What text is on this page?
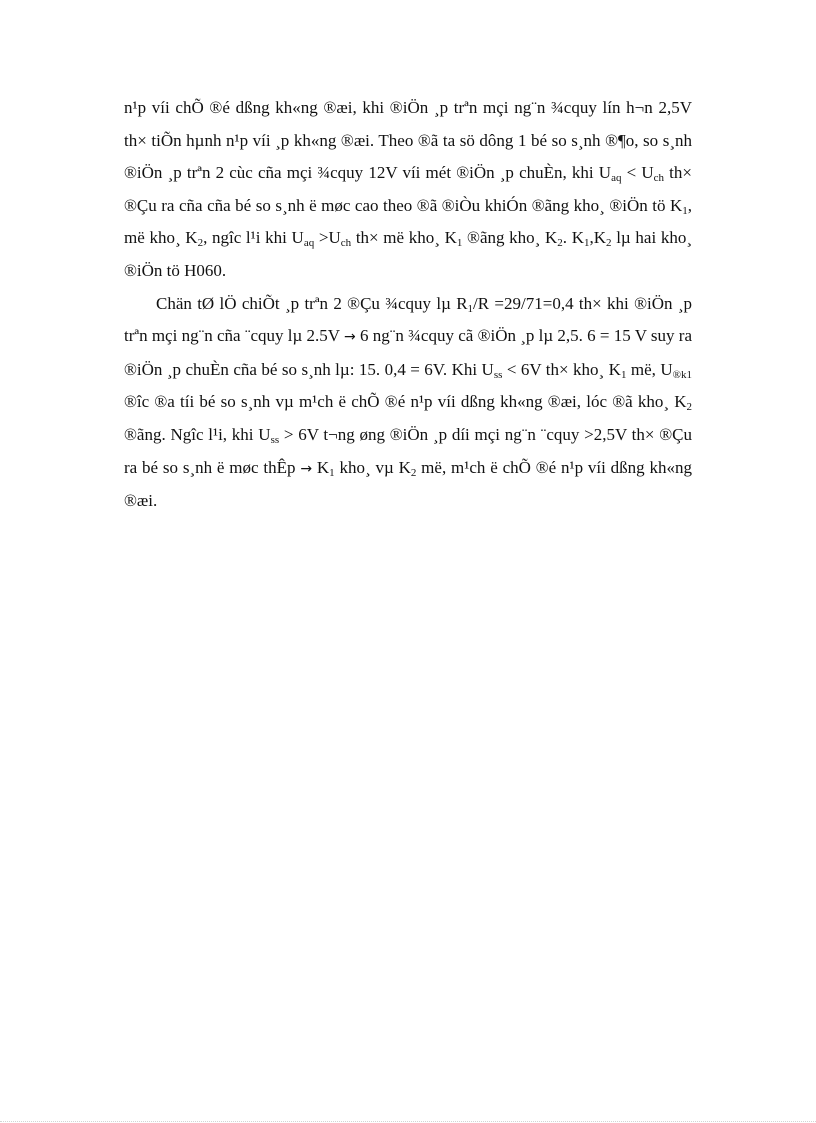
n¹p víi chÕ ®é dßng kh«ng ®æi, khi ®iÖn ¸p trªn mçi ng¨n ¾cquy lín h¬n 2,5V th× tiÕn hµnh n¹p víi ¸p kh«ng ®æi. Theo ®ã ta sö dông 1 bé so s¸nh ®¶o, so s¸nh ®iÖn ¸p trªn 2 cùc cña mçi ¾cquy 12V víi mét ®iÖn ¸p chuÈn, khi $U_{aq} < U_{ch}$ th× ®Çu ra cña cña bé so s¸nh ë møc cao theo ®ã ®iÒu khiÓn ®ãng kho¸ ®iÖn tö $K_1$, më kho¸ $K_2$, ngîc l¹i khi $U_{aq} >U_{ch}$ th× më kho¸ $K_1$ ®ãng kho¸ $K_2$. $K_1,K_2$ lµ hai kho¸ ®iÖn tö H060.

Chän tØ lÖ chiÕt ¸p trªn 2 ®Çu ¾cquy lµ $R_1/R =29/71=0,4$ th× khi ®iÖn ¸p trªn mçi ng¨n cña ¨cquy lµ 2.5V → 6 ng¨n ¾cquy cã ®iÖn ¸p lµ 2,5. 6 = 15 V suy ra ®iÖn ¸p chuÈn cña bé so s¸nh lµ: 15. 0,4 = 6V. Khi $U_{ss} < 6V$ th× kho¸ $K_1$ më, $U_{®k1}$ ®îc ®a tíi bé so s¸nh vµ m¹ch ë chÕ ®é n¹p víi dßng kh«ng ®æi, lóc ®ã kho¸ $K_2$ ®ãng. Ngîc l¹i, khi $U_{ss} > 6V$ t¬ng øng ®iÖn ¸p díi mçi ng¨n ¨cquy >2,5V th× ®Çu ra bé so s¸nh ë møc thÊp → $K_1$ kho¸ vµ $K_2$ më, m¹ch ë chÕ ®é n¹p víi dßng kh«ng ®æi.
